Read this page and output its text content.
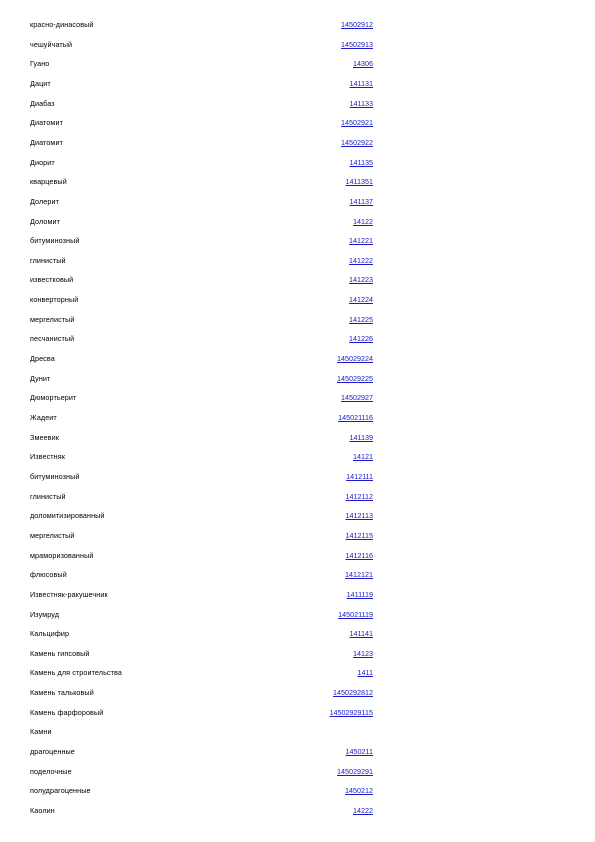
красно-динасовый	14502912
чешуйчатый	14502913
Гуано	14306
Дацит	141131
Диабаз	141133
Диатомит	14502921
Диатомит	14502922
Диорит	141135
кварцевый	1411351
Долерит	141137
Доломит	14122
битуминозный	141221
глинистый	141222
известковый	141223
конверторный	141224
мергелистый	141225
песчанистый	141226
Дресва	145029224
Дунит	145029225
Дюмортьерит	14502927
Жадеит	145021116
Змеевик	141139
Известняк	14121
битуминозный	1412111
глинистый	1412112
доломитизированный	1412113
мергелистый	1412115
мраморизованный	1412116
флюсовый	1412121
Известняк-ракушечник	1411119
Изумруд	145021119
Кальцифир	141141
Камень гипсовый	14123
Камень для строительства	1411
Камень тальковый	1450292812
Камень фарфоровый	14502929115
Камни
драгоценные	1450211
поделочные	145029291
полудрагоценные	1450212
Каолин	14222
